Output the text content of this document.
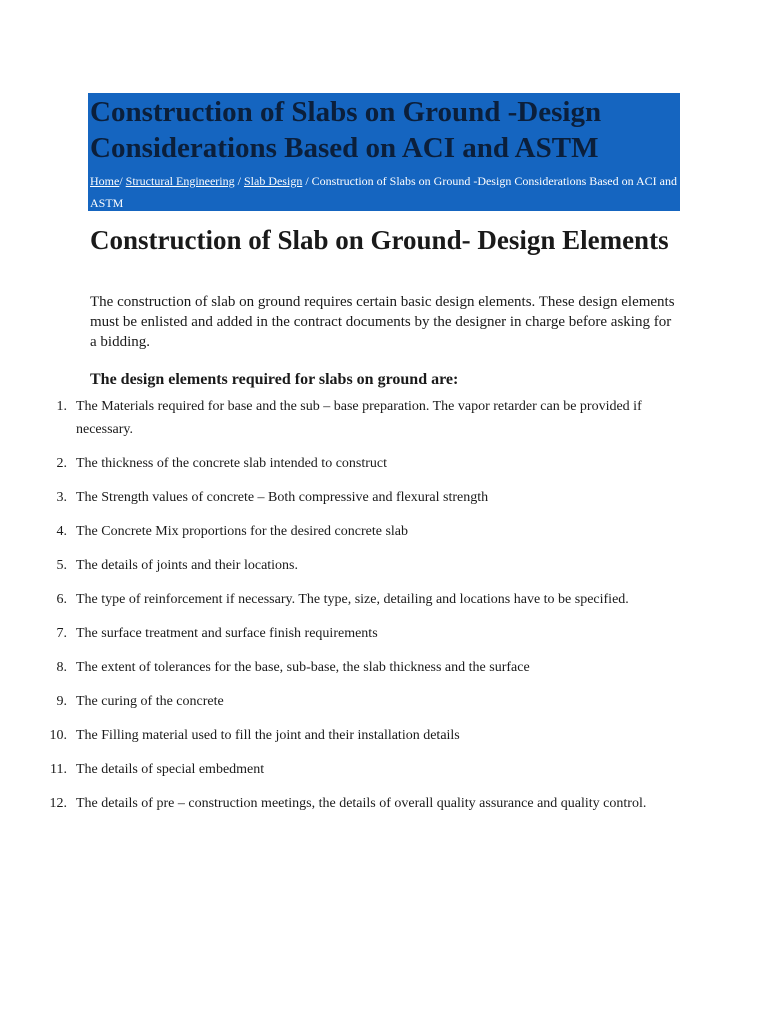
Construction of Slabs on Ground -Design Considerations Based on ACI and ASTM
Home/ Structural Engineering / Slab Design / Construction of Slabs on Ground -Design Considerations Based on ACI and ASTM
Construction of Slab on Ground- Design Elements

The construction of slab on ground requires certain basic design elements. These design elements must be enlisted and added in the contract documents by the designer in charge before asking for a bidding.

The design elements required for slabs on ground are:

1. The Materials required for base and the sub – base preparation. The vapor retarder can be provided if necessary.
2. The thickness of the concrete slab intended to construct
3. The Strength values of concrete – Both compressive and flexural strength
4. The Concrete Mix proportions for the desired concrete slab
5. The details of joints and their locations.
6. The type of reinforcement if necessary. The type, size, detailing and locations have to be specified.
7. The surface treatment and surface finish requirements
8. The extent of tolerances for the base, sub-base, the slab thickness and the surface
9. The curing of the concrete
10. The Filling material used to fill the joint and their installation details
11. The details of special embedment
12. The details of pre – construction meetings, the details of overall quality assurance and quality control.
